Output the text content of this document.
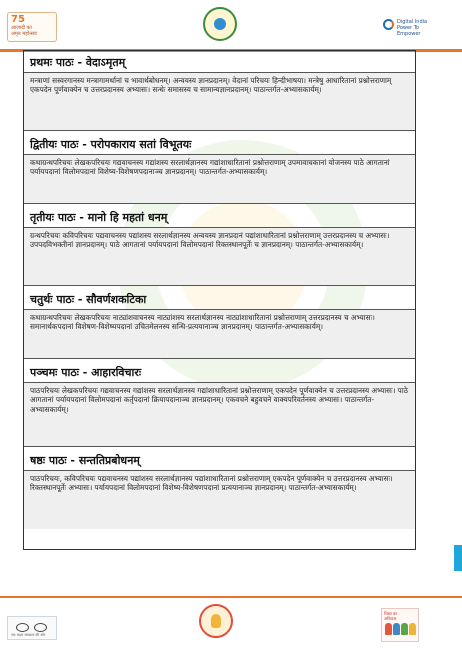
75
आज़ादी का
अमृत महोत्सव
Digital India
Power To Empower
प्रथमः पाठः - वेदाऽमृतम्
मन्त्राणां सस्वरगानस्य मन्त्रागामर्थानां च भावार्थबोधनम्। अन्वयस्य ज्ञानप्रदानम्। वेदानां परिचयः हिन्दीभाषया। मन्त्रेषु आधारितानां प्रश्नोत्तराणाम् एकपदेन पूर्णवाक्येन च उत्तरप्रदानस्य अभ्यासः। सन्धेः समासस्य च सामान्यज्ञानप्रदानम्। पाठान्तर्गत-अभ्यासकार्यम्।
द्वितीयः पाठः - परोपकाराय सतां विभूतयः
कथाग्रन्थपरिचयः लेखकपरिचयः गद्यवाचनस्य गद्यांशस्य सरलार्थज्ञानस्य गद्यांशाधारितानां प्रश्नोत्तराणाम् उपमावाचकानां योजनस्य पाठे आगतानां पर्यायपदानां विलोमपदानां विशेष्य-विशेषणपदानाञ्च ज्ञानप्रदानम्। पाठान्तर्गत-अभ्यासकार्यम्।
तृतीयः पाठः - मानो हि महतां धनम्
ग्रन्थपरिचयः कविपरिचयः पद्यवाचनस्य पद्यांशस्य सरलार्थज्ञानस्य अन्वयस्य ज्ञानप्रदानं पद्यांशाधारितानां प्रश्नोत्तराणाम् उत्तरप्रदानस्य च अभ्यासः। उपपदविभक्तीनां ज्ञानप्रदानम्। पाठे आगतानां पर्यायपदानां विलोमपदानां रिक्तस्थानपूर्तेः च ज्ञानप्रदानम्। पाठान्तर्गत-अभ्यासकार्यम्।
चतुर्थः पाठः - सौवर्णशकटिका
कथाग्रन्थपरिचयः लेखकपरिचयः नाट्यांशवाचनस्य नाट्यांशस्य सरलार्थज्ञानस्य नाट्यांशाधारितानां प्रश्नोत्तराणाम् उत्तरप्रदानस्य च अभ्यासः। समानार्थकपदानां विशेषण-विशेष्यपदानां उचितमेलनस्य सन्धि-प्रत्ययानाञ्च ज्ञानप्रदानम्। पाठान्तर्गत-अभ्यासकार्यम्।
पञ्चमः पाठः - आहारविचारः
पाठपरिचयः लेखकपरिचयः गद्यवाचनस्य गद्यांशस्य सरलार्थज्ञानस्य गद्यांशाधारितानां प्रश्नोत्तराणाम् एकपदेन पूर्णवाक्येन च उत्तरप्रदानस्य अभ्यासः। पाठे आगतानां पर्यायपदानां विलोमपदानां कर्तृपदानां क्रियापदानाञ्च ज्ञानप्रदानम्। एकवचने बहुवचने वाक्यपरिवर्तनस्य अभ्यासः। पाठान्तर्गत-अभ्यासकार्यम्।
षष्ठः पाठः - सन्ततिप्रबोधनम्
पाठपरिचयः, कविपरिचयः पद्यवाचनस्य पद्यांशस्य सरलार्थज्ञानस्य पद्यांशाधारितानां प्रश्नोत्तराणाम् एकपदेन पूर्णवाक्येन च उत्तरप्रदानस्य अभ्यासः। रिक्तस्थानपूर्तेः अभ्यासः। पर्यायपदानां विलोमपदानां विशेष्य-विशेषणपदानां प्रत्ययानाञ्च ज्ञानप्रदानम्। पाठान्तर्गत-अभ्यासकार्यम्।
एक कदम स्वच्छता की ओर
शिक्षा का
अधिकार
